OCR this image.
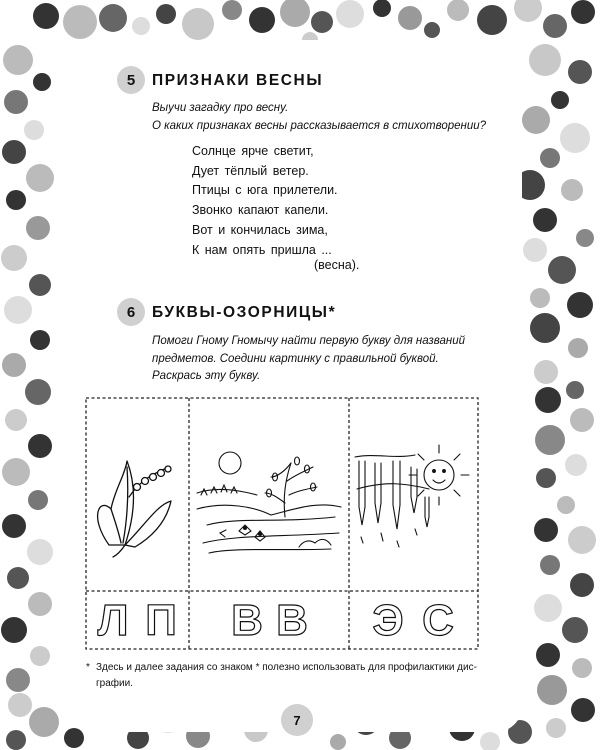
5	ПРИЗНАКИ ВЕСНЫ
Выучи загадку про весну.
О каких признаках весны рассказывается в стихотворении?
Солнце ярче светит,
Дует тёплый ветер.
Птицы с юга прилетели.
Звонко капают капели.
Вот и кончилась зима,
К нам опять пришла ...
(весна).
6	БУКВЫ-ОЗОРНИЦЫ*
Помоги Гному Гномычу найти первую букву для названий
предметов. Соедини картинку с правильной буквой.
Раскрась эту букву.
Л П В В Э С
* Здесь и далее задания со знаком * полезно использовать для профилактики дис-
графии.
7
